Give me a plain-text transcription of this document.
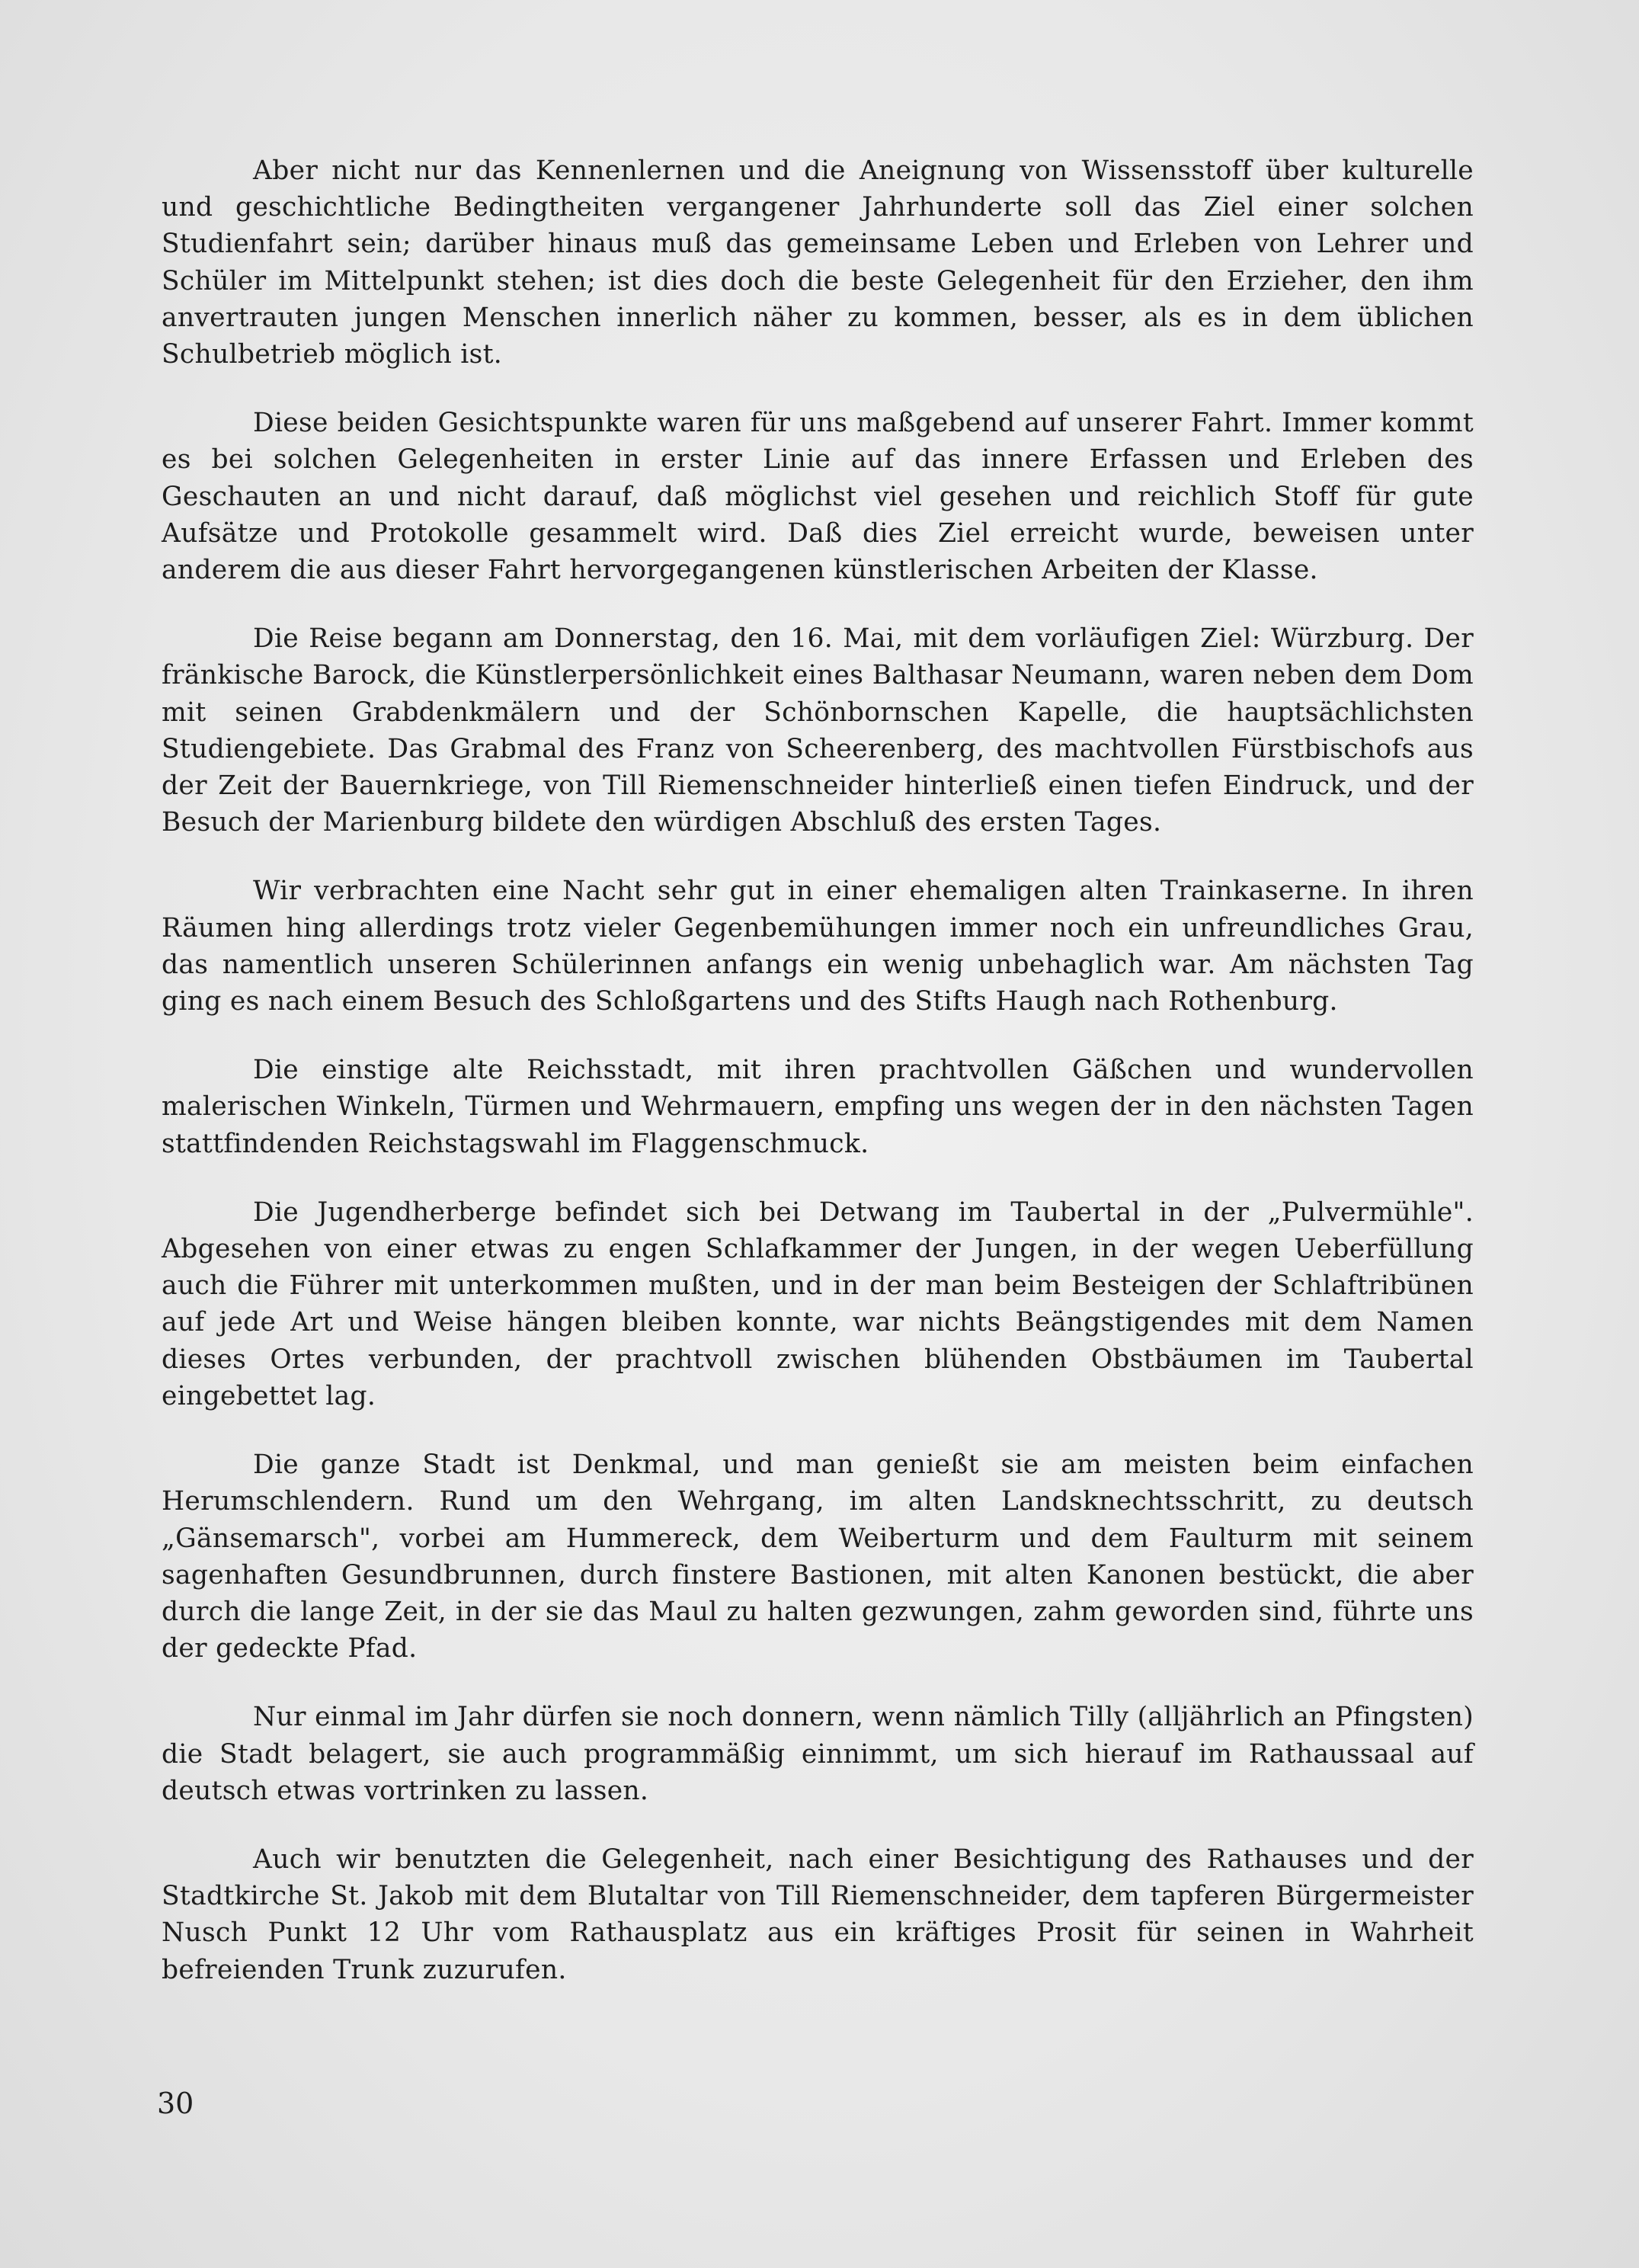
Aber nicht nur das Kennenlernen und die Aneignung von Wissensstoff über kulturelle und geschichtliche Bedingtheiten vergangener Jahrhunderte soll das Ziel einer solchen Studienfahrt sein; darüber hinaus muß das gemeinsame Leben und Erleben von Lehrer und Schüler im Mittelpunkt stehen; ist dies doch die beste Gelegenheit für den Erzieher, den ihm anvertrauten jungen Menschen innerlich näher zu kommen, besser, als es in dem üblichen Schulbetrieb möglich ist.

Diese beiden Gesichtspunkte waren für uns maßgebend auf unserer Fahrt. Immer kommt es bei solchen Gelegenheiten in erster Linie auf das innere Erfassen und Erleben des Geschauten an und nicht darauf, daß möglichst viel gesehen und reichlich Stoff für gute Aufsätze und Protokolle gesammelt wird. Daß dies Ziel erreicht wurde, beweisen unter anderem die aus dieser Fahrt hervorgegangenen künstlerischen Arbeiten der Klasse.

Die Reise begann am Donnerstag, den 16. Mai, mit dem vorläufigen Ziel: Würzburg. Der fränkische Barock, die Künstlerpersönlichkeit eines Balthasar Neumann, waren neben dem Dom mit seinen Grabdenkmälern und der Schönbornschen Kapelle, die hauptsächlichsten Studiengebiete. Das Grabmal des Franz von Scheerenberg, des machtvollen Fürstbischofs aus der Zeit der Bauernkriege, von Till Riemenschneider hinterließ einen tiefen Eindruck, und der Besuch der Marienburg bildete den würdigen Abschluß des ersten Tages.

Wir verbrachten eine Nacht sehr gut in einer ehemaligen alten Trainkaserne. In ihren Räumen hing allerdings trotz vieler Gegenbemühungen immer noch ein unfreundliches Grau, das namentlich unseren Schülerinnen anfangs ein wenig unbehaglich war. Am nächsten Tag ging es nach einem Besuch des Schloßgartens und des Stifts Haugh nach Rothenburg.

Die einstige alte Reichsstadt, mit ihren prachtvollen Gäßchen und wundervollen malerischen Winkeln, Türmen und Wehrmauern, empfing uns wegen der in den nächsten Tagen stattfindenden Reichstagswahl im Flaggenschmuck.

Die Jugendherberge befindet sich bei Detwang im Taubertal in der „Pulvermühle". Abgesehen von einer etwas zu engen Schlafkammer der Jungen, in der wegen Ueberfüllung auch die Führer mit unterkommen mußten, und in der man beim Besteigen der Schlaftribünen auf jede Art und Weise hängen bleiben konnte, war nichts Beängstigendes mit dem Namen dieses Ortes verbunden, der prachtvoll zwischen blühenden Obstbäumen im Taubertal eingebettet lag.

Die ganze Stadt ist Denkmal, und man genießt sie am meisten beim einfachen Herumschlendern. Rund um den Wehrgang, im alten Landsknechtsschritt, zu deutsch „Gänsemarsch", vorbei am Hummereck, dem Weiberturm und dem Faulturm mit seinem sagenhaften Gesundbrunnen, durch finstere Bastionen, mit alten Kanonen bestückt, die aber durch die lange Zeit, in der sie das Maul zu halten gezwungen, zahm geworden sind, führte uns der gedeckte Pfad.

Nur einmal im Jahr dürfen sie noch donnern, wenn nämlich Tilly (alljährlich an Pfingsten) die Stadt belagert, sie auch programmäßig einnimmt, um sich hierauf im Rathaussaal auf deutsch etwas vortrinken zu lassen.

Auch wir benutzten die Gelegenheit, nach einer Besichtigung des Rathauses und der Stadtkirche St. Jakob mit dem Blutaltar von Till Riemenschneider, dem tapferen Bürgermeister Nusch Punkt 12 Uhr vom Rathausplatz aus ein kräftiges Prosit für seinen in Wahrheit befreienden Trunk zuzurufen.

30
